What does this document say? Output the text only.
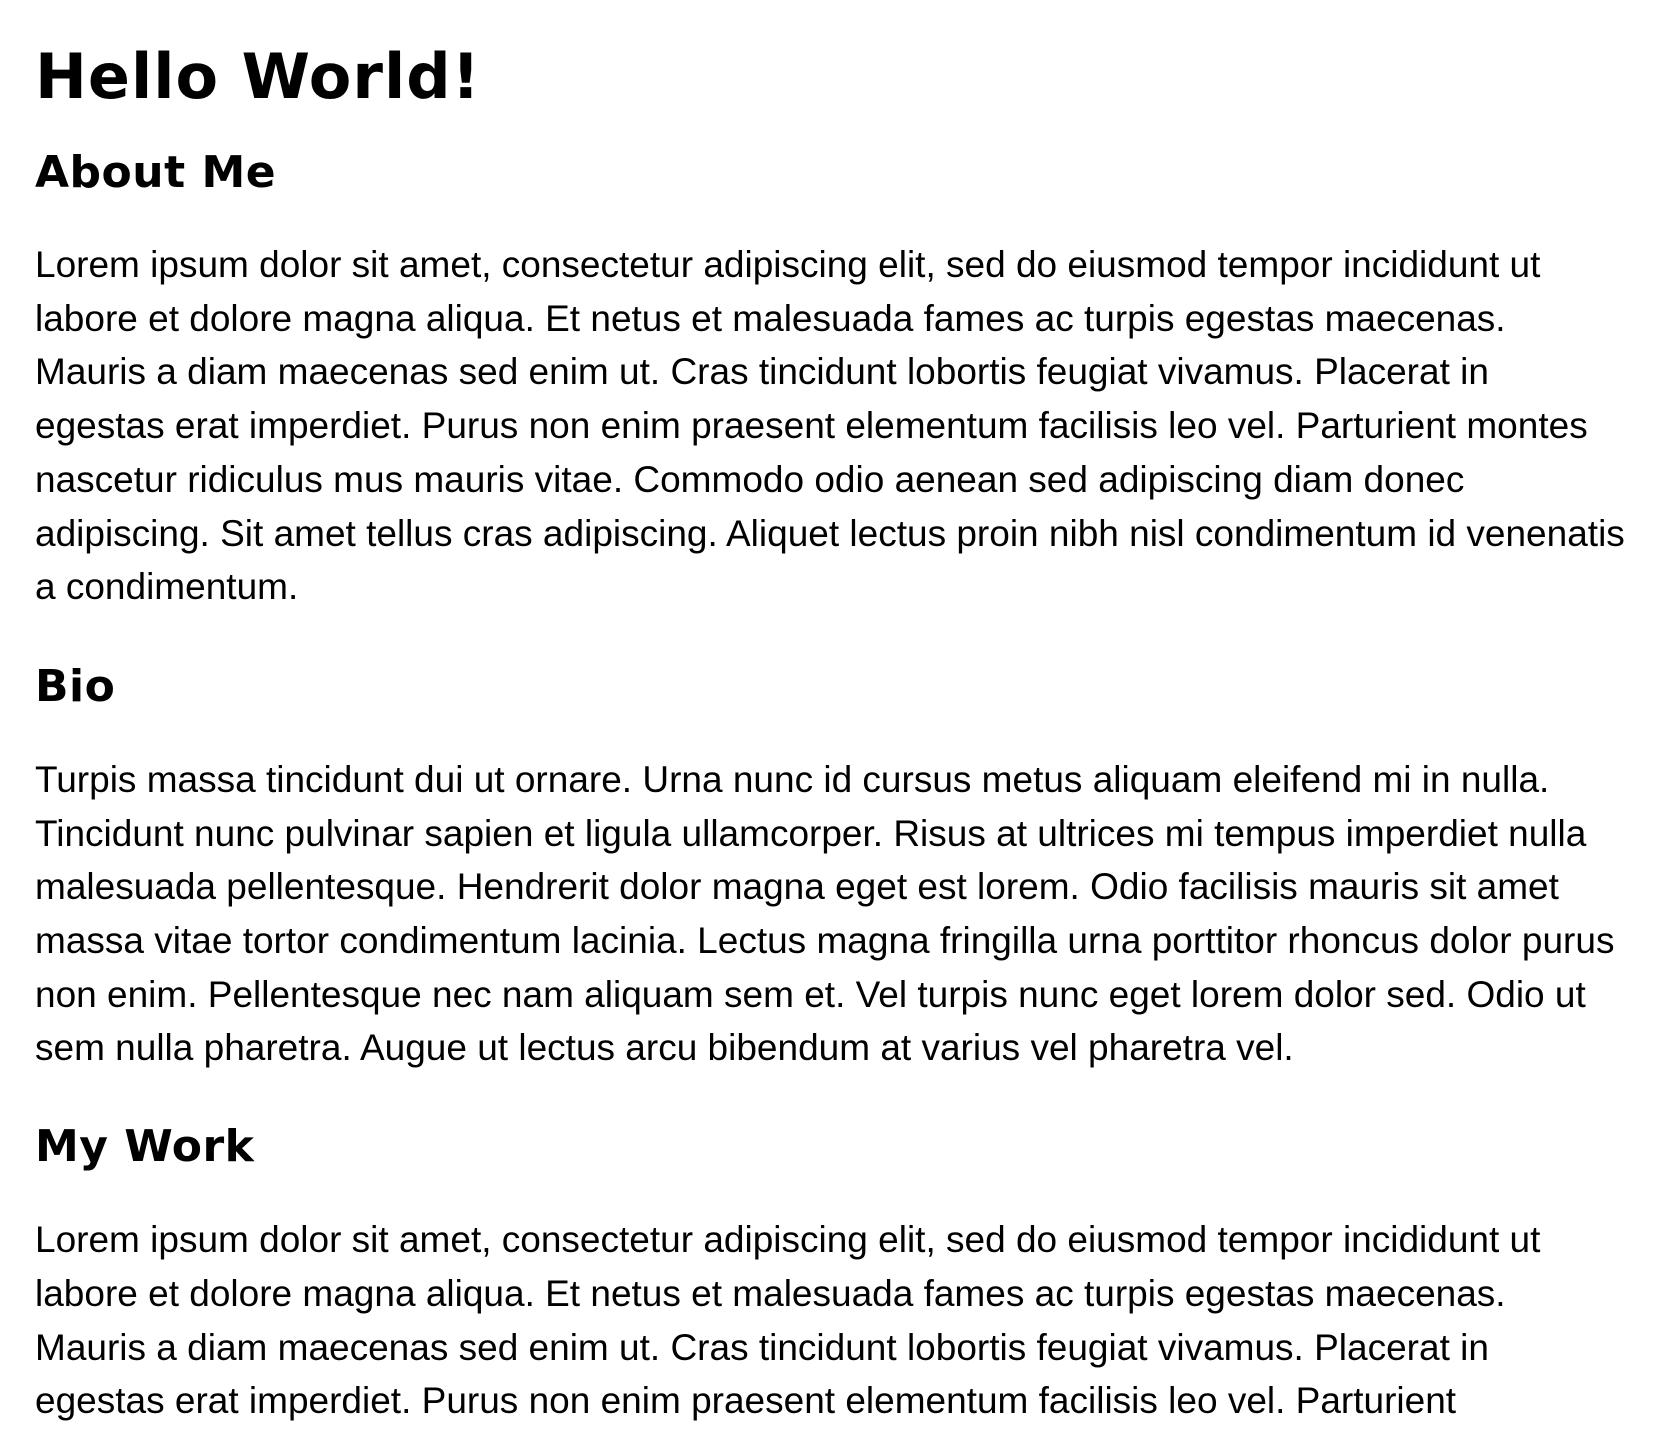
Hello World!
About Me

Lorem ipsum dolor sit amet, consectetur adipiscing elit, sed do eiusmod tempor incididunt ut labore et dolore magna aliqua. Et netus et malesuada fames ac turpis egestas maecenas. Mauris a diam maecenas sed enim ut. Cras tincidunt lobortis feugiat vivamus. Placerat in egestas erat imperdiet. Purus non enim praesent elementum facilisis leo vel. Parturient montes nascetur ridiculus mus mauris vitae. Commodo odio aenean sed adipiscing diam donec adipiscing. Sit amet tellus cras adipiscing. Aliquet lectus proin nibh nisl condimentum id venenatis a condimentum.

Bio

Turpis massa tincidunt dui ut ornare. Urna nunc id cursus metus aliquam eleifend mi in nulla. Tincidunt nunc pulvinar sapien et ligula ullamcorper. Risus at ultrices mi tempus imperdiet nulla malesuada pellentesque. Hendrerit dolor magna eget est lorem. Odio facilisis mauris sit amet massa vitae tortor condimentum lacinia. Lectus magna fringilla urna porttitor rhoncus dolor purus non enim. Pellentesque nec nam aliquam sem et. Vel turpis nunc eget lorem dolor sed. Odio ut sem nulla pharetra. Augue ut lectus arcu bibendum at varius vel pharetra vel.

My Work

Lorem ipsum dolor sit amet, consectetur adipiscing elit, sed do eiusmod tempor incididunt ut labore et dolore magna aliqua. Et netus et malesuada fames ac turpis egestas maecenas. Mauris a diam maecenas sed enim ut. Cras tincidunt lobortis feugiat vivamus. Placerat in egestas erat imperdiet. Purus non enim praesent elementum facilisis leo vel. Parturient
